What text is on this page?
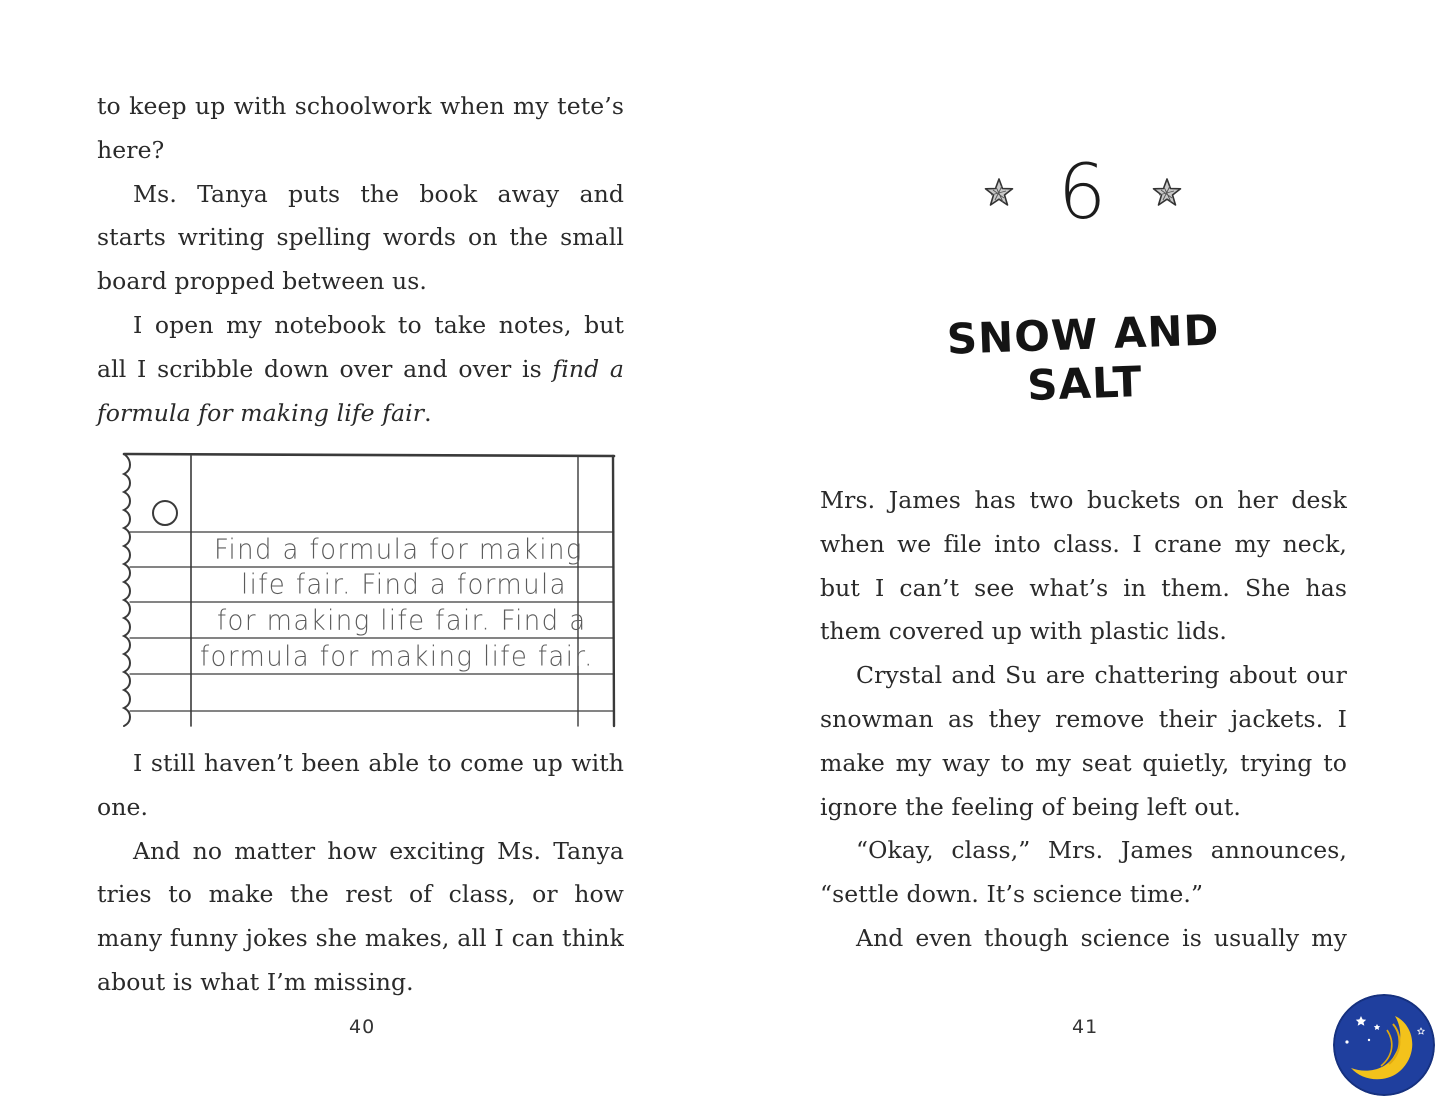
to keep up with schoolwork when my tete’s here?

Ms. Tanya puts the book away and starts writing spelling words on the small board propped between us.

I open my notebook to take notes, but all I scribble down over and over is find a formula for making life fair.

Find a formula for making
life fair. Find a formula
for making life fair. Find a
formula for making life fair.

I still haven’t been able to come up with one.

And no matter how exciting Ms. Tanya tries to make the rest of class, or how many funny jokes she makes, all I can think about is what I’m missing.

40
6
SNOW AND SALT

Mrs. James has two buckets on her desk when we file into class. I crane my neck, but I can’t see what’s in them. She has them covered up with plastic lids.

Crystal and Su are chattering about our snowman as they remove their jackets. I make my way to my seat quietly, trying to ignore the feeling of being left out.

“Okay, class,” Mrs. James announces, “settle down. It’s science time.”

And even though science is usually my

41
